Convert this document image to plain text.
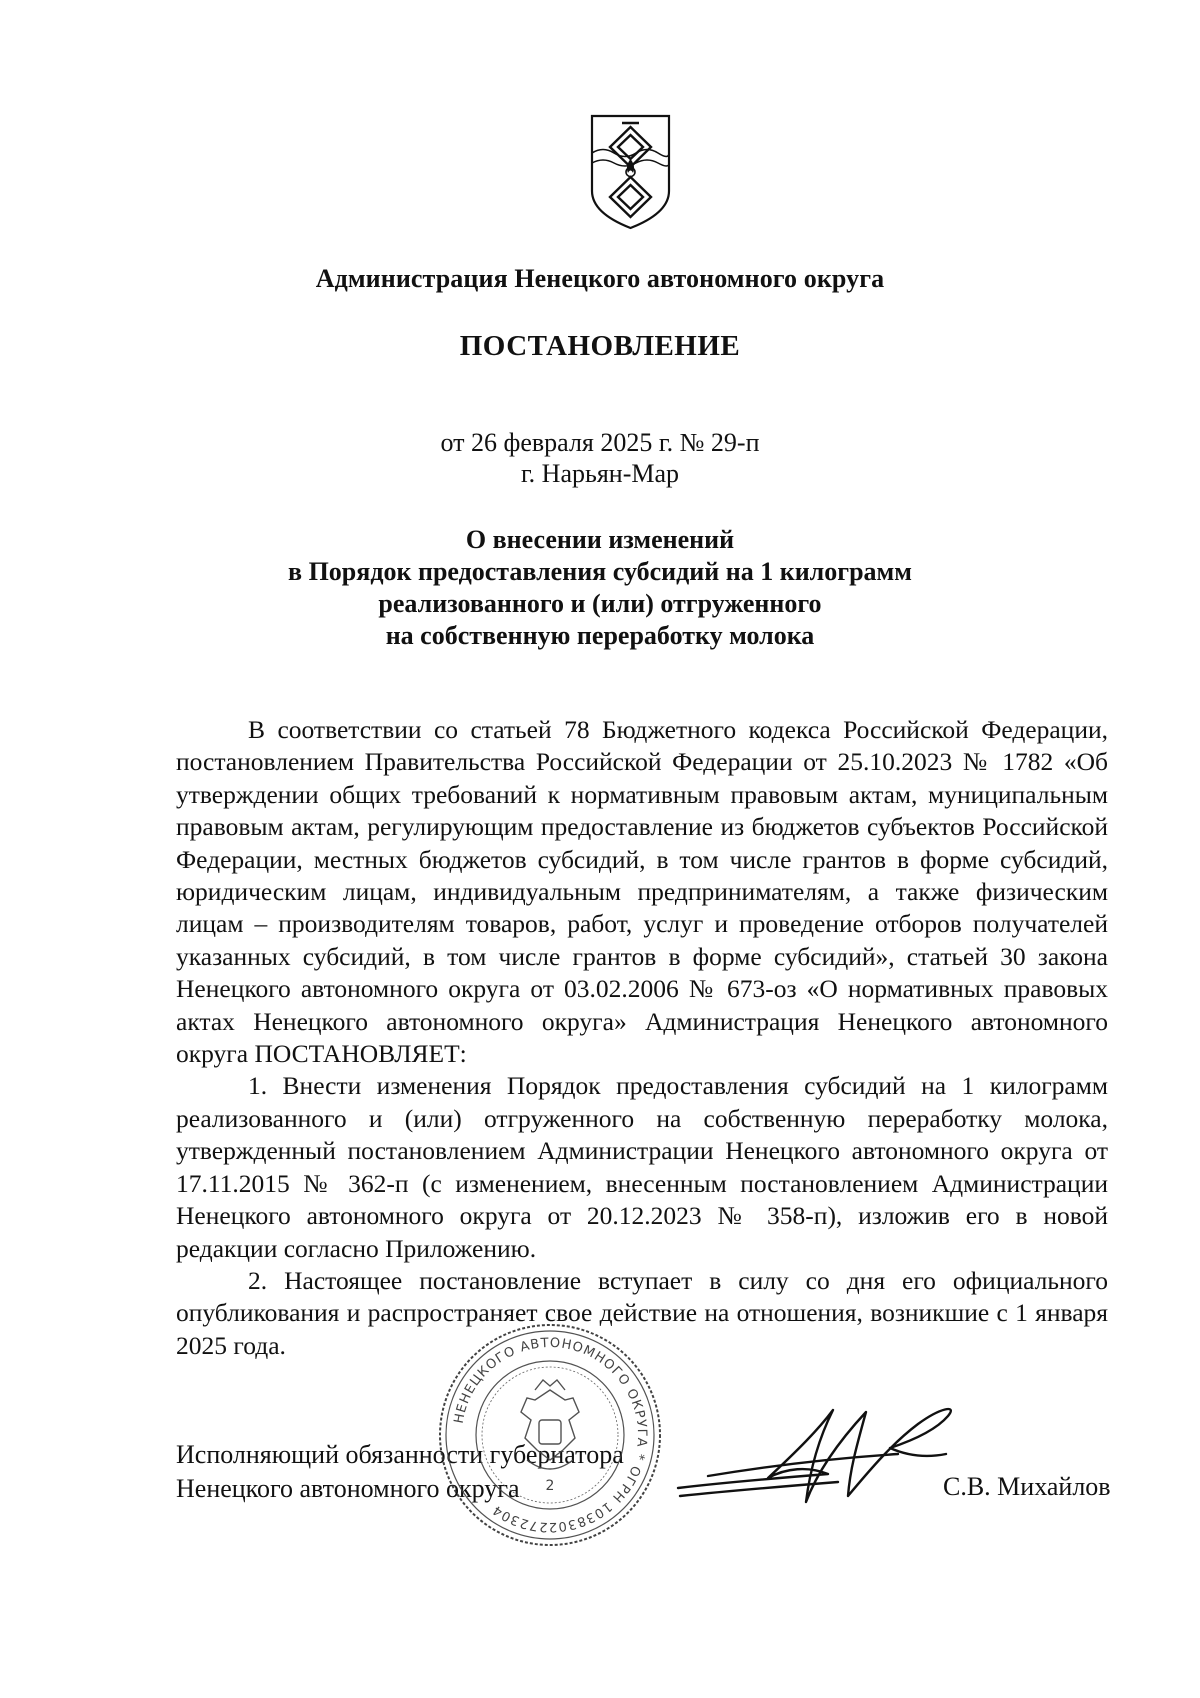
Администрация Ненецкого автономного округа
ПОСТАНОВЛЕНИЕ
от 26 февраля 2025 г. № 29-п
г. Нарьян-Мар
О внесении изменений
в Порядок предоставления субсидий на 1 килограмм
реализованного и (или) отгруженного
на собственную переработку молока

В соответствии со статьей 78 Бюджетного кодекса Российской Федерации, постановлением Правительства Российской Федерации от 25.10.2023 № 1782 «Об утверждении общих требований к нормативным правовым актам, муниципальным правовым актам, регулирующим предоставление из бюджетов субъектов Российской Федерации, местных бюджетов субсидий, в том числе грантов в форме субсидий, юридическим лицам, индивидуальным предпринимателям, а также физическим лицам – производителям товаров, работ, услуг и проведение отборов получателей указанных субсидий, в том числе грантов в форме субсидий», статьей 30 закона Ненецкого автономного округа от 03.02.2006 № 673-оз «О нормативных правовых актах Ненецкого автономного округа» Администрация Ненецкого автономного округа ПОСТАНОВЛЯЕТ:

1. Внести изменения Порядок предоставления субсидий на 1 килограмм реализованного и (или) отгруженного на собственную переработку молока, утвержденный постановлением Администрации Ненецкого автономного округа от 17.11.2015 № 362-п (с изменением, внесенным постановлением Администрации Ненецкого автономного округа от 20.12.2023 № 358-п), изложив его в новой редакции согласно Приложению.

2. Настоящее постановление вступает в силу со дня его официального опубликования и распространяет свое действие на отношения, возникшие с 1 января 2025 года.

Исполняющий обязанности губернатора
Ненецкого автономного округа
НЕНЕЦКОГО АВТОНОМНОГО ОКРУГА * ОГРН 1038302272304
2	С.В. Михайлов
